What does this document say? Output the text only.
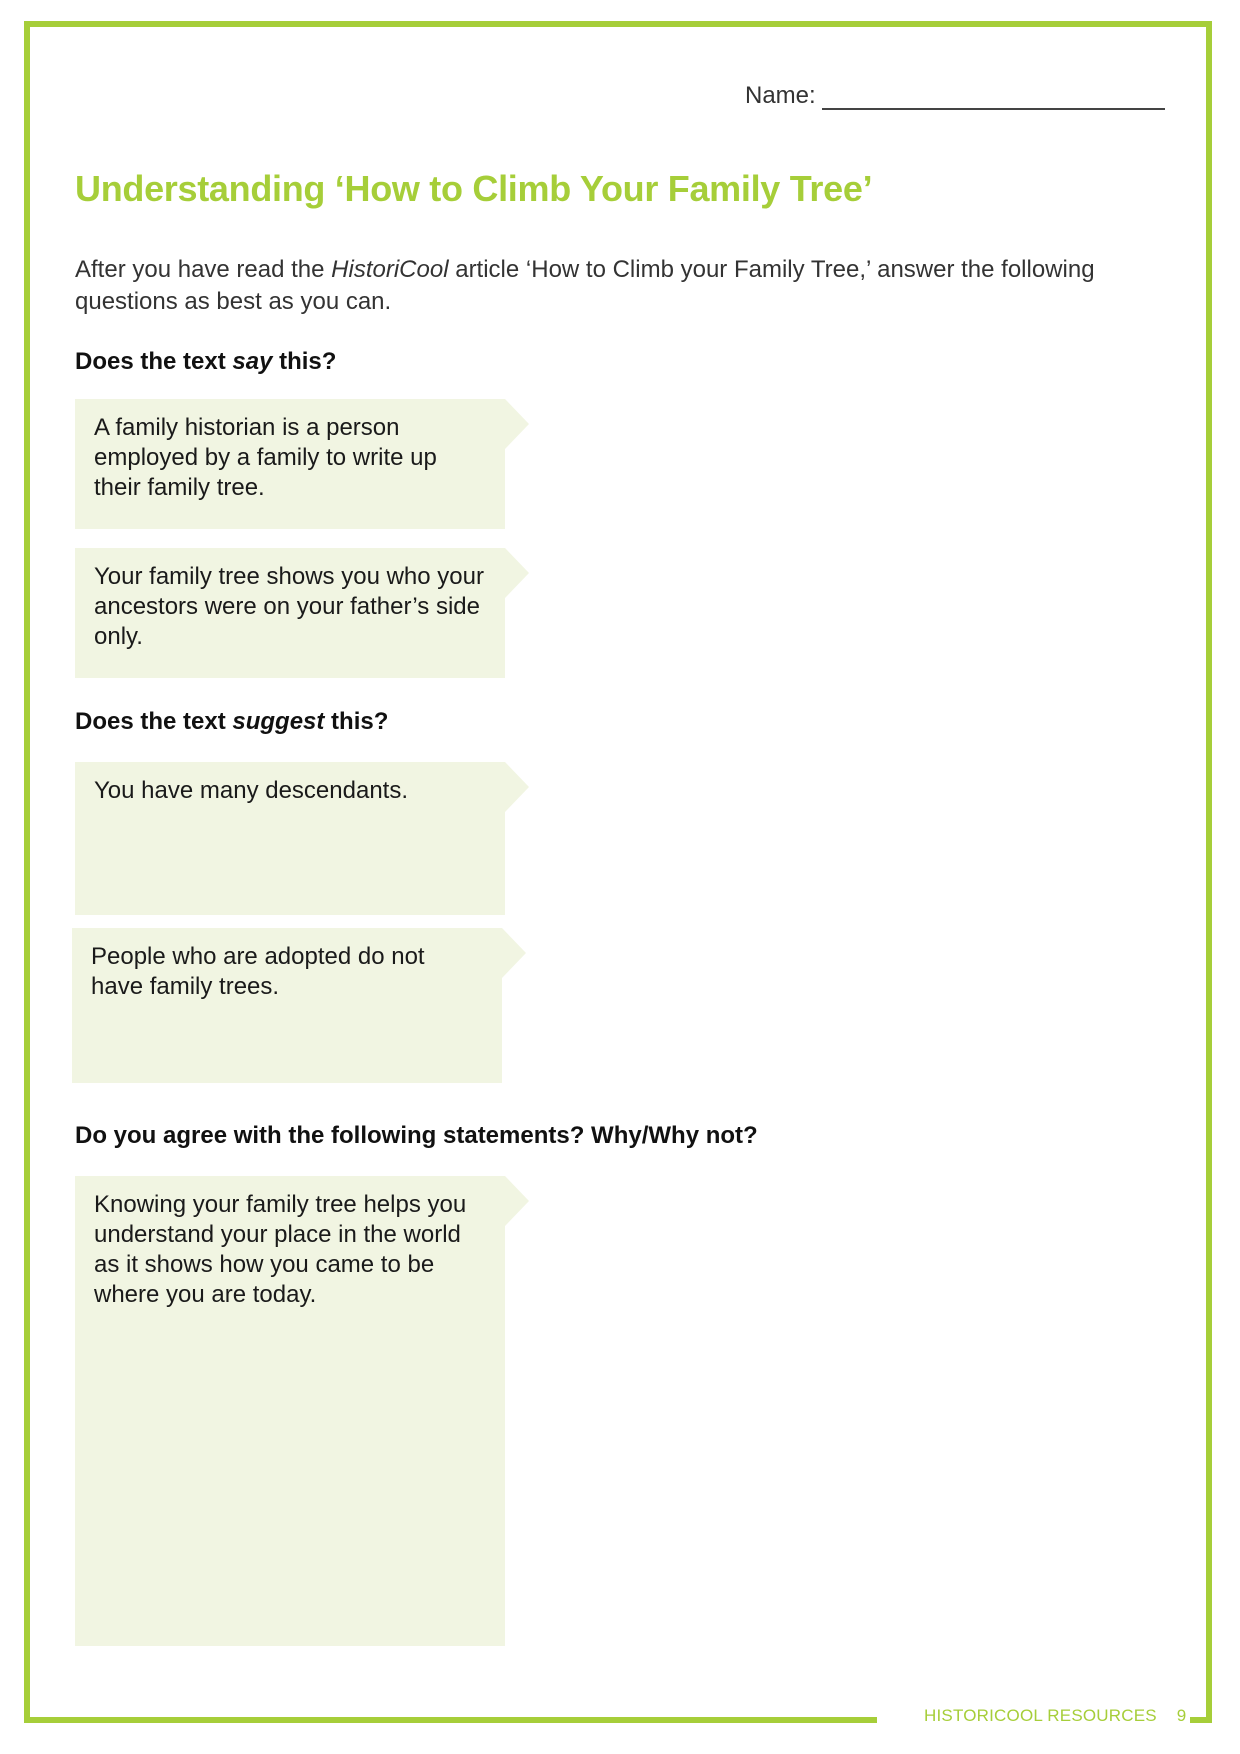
Name:
Understanding ‘How to Climb Your Family Tree’

After you have read the HistoriCool article ‘How to Climb your Family Tree,’ answer the following questions as best as you can.

Does the text say this?
A family historian is a person employed by a family to write up their family tree.
Your family tree shows you who your ancestors were on your father’s side only.
Does the text suggest this?
You have many descendants.
People who are adopted do not have family trees.
Do you agree with the following statements? Why/Why not?
Knowing your family tree helps you understand your place in the world as it shows how you came to be where you are today.
HISTORICOOL RESOURCES 9
